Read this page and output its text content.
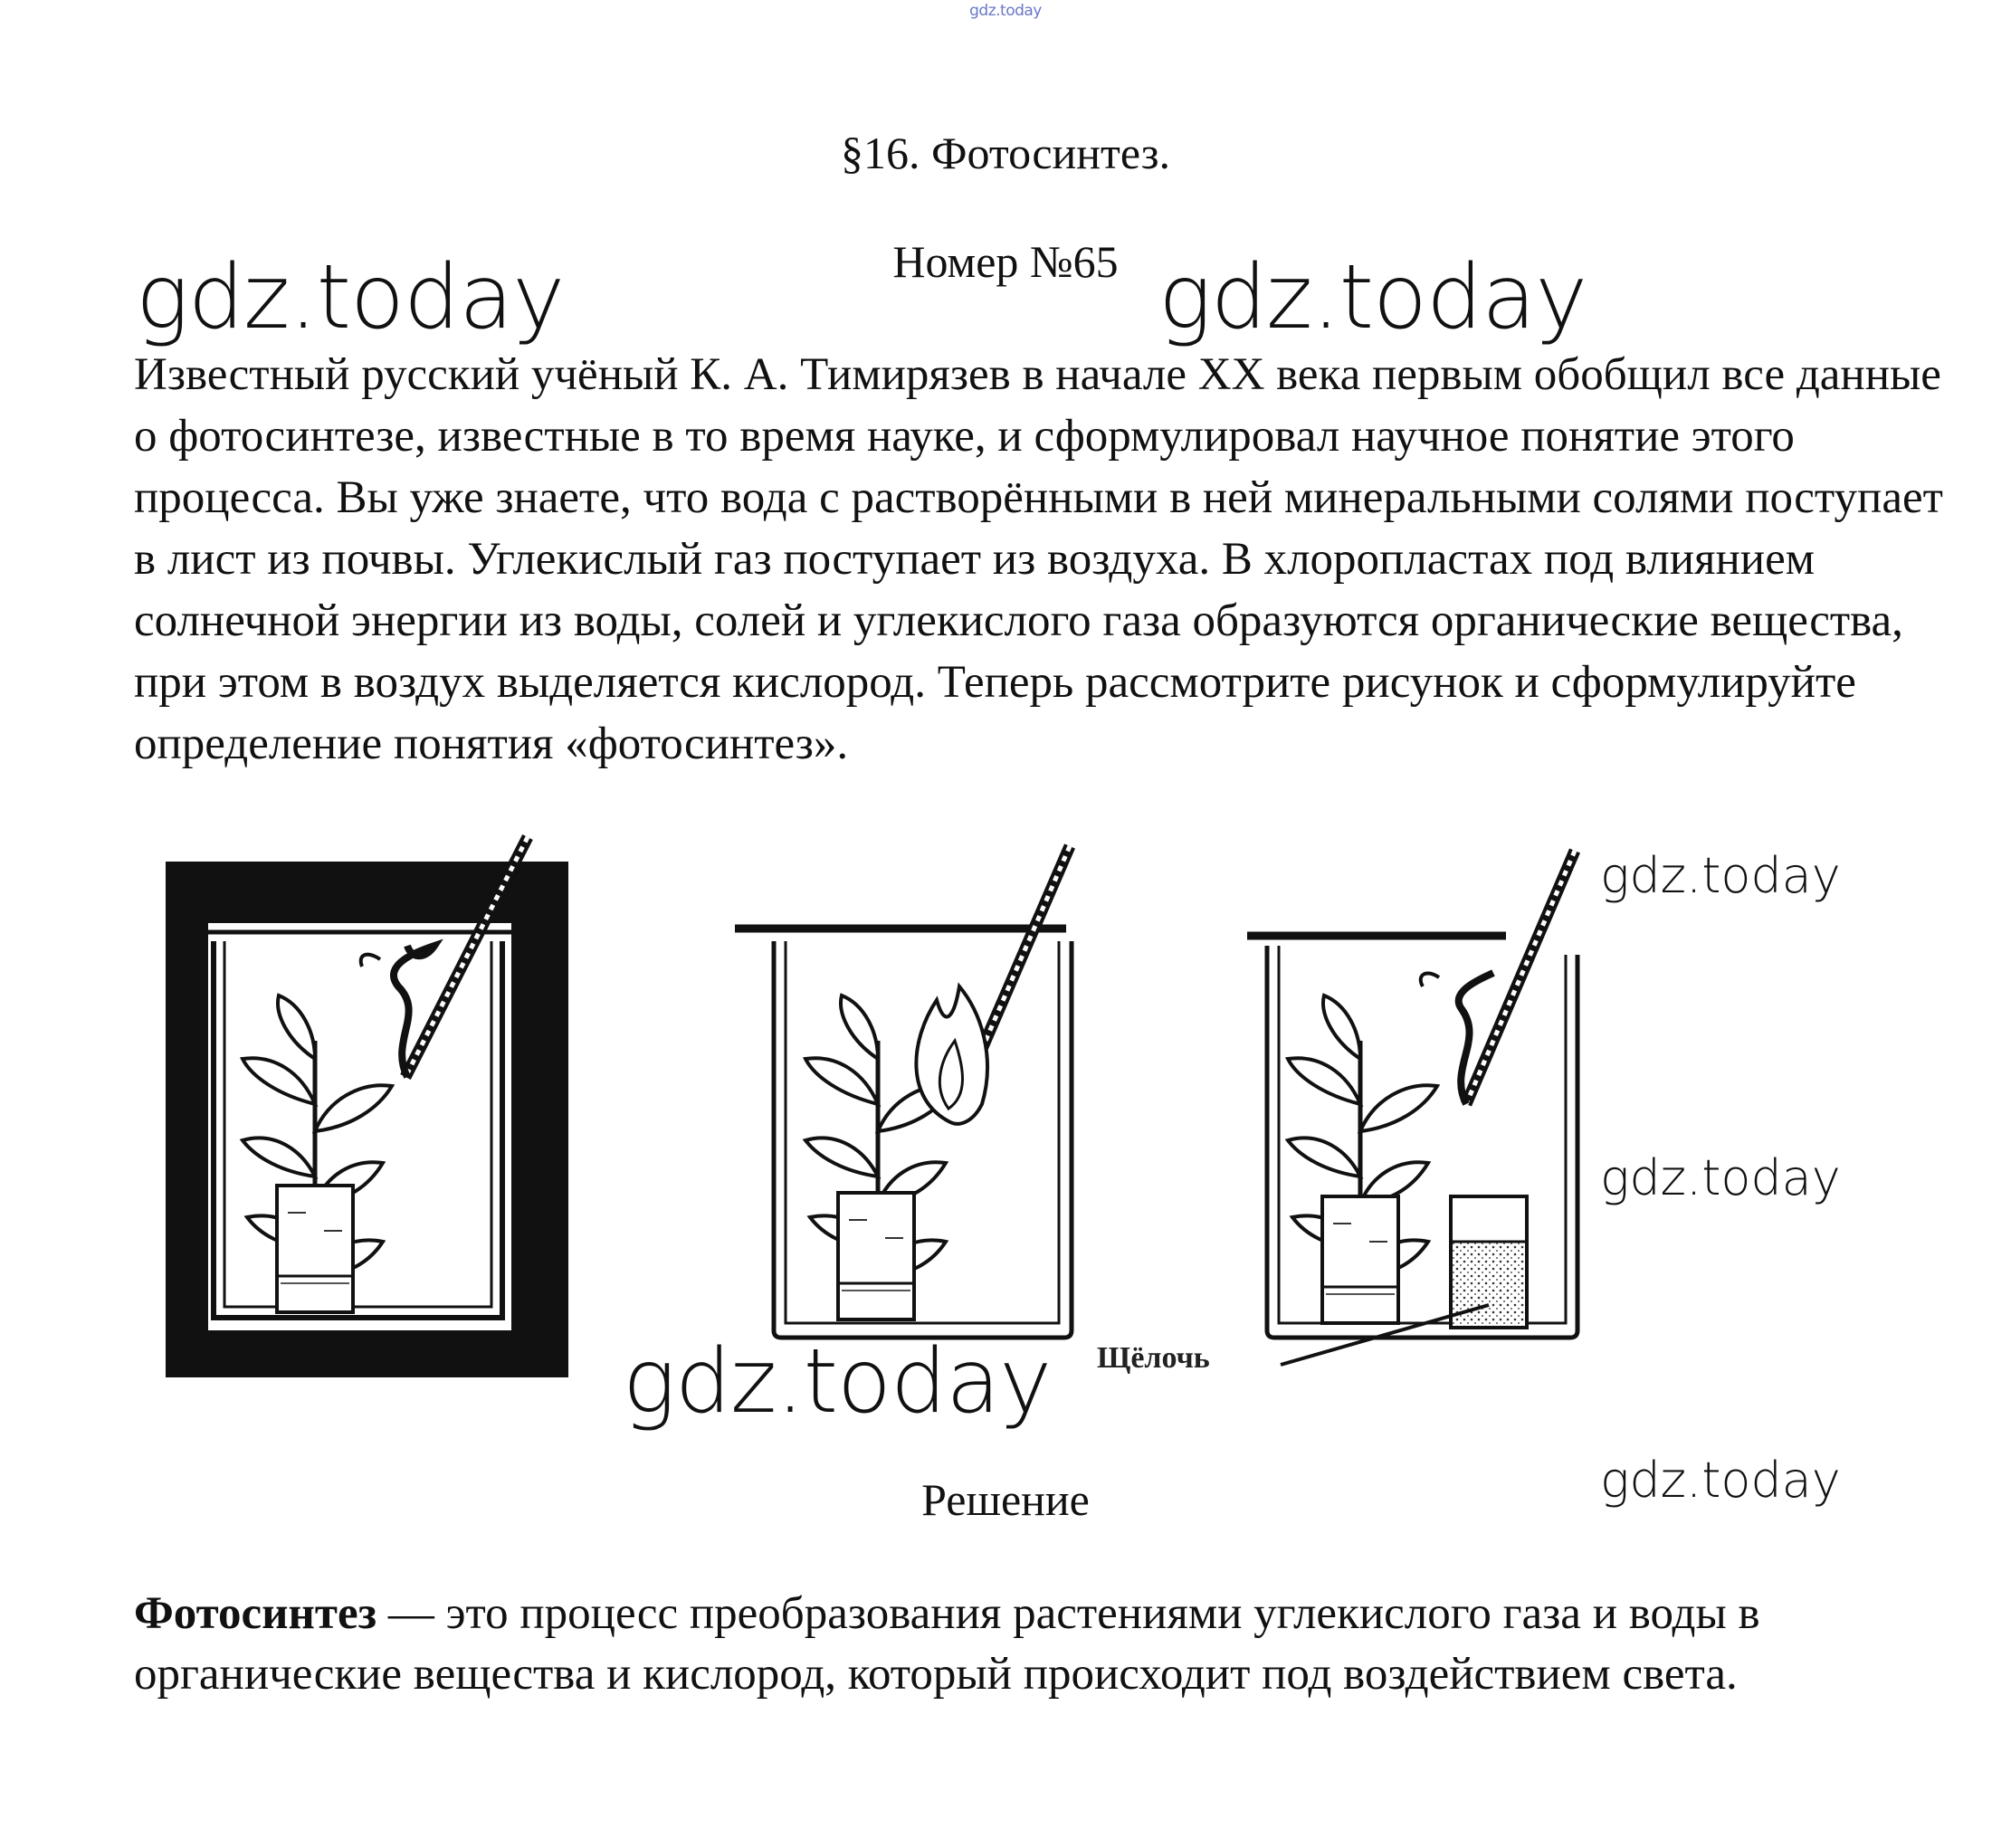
gdz.today
§16. Фотосинтез.
Номер №65
gdz.today	gdz.today

Известный русский учёный К. А. Тимирязев в начале XX века первым обобщил все данные о фотосинтезе, известные в то время науке, и сформулировал научное понятие этого процесса. Вы уже знаете, что вода с растворёнными в ней минеральными солями поступает в лист из почвы. Углекислый газ поступает из воздуха. В хлоропластах под влиянием солнечной энергии из воды, солей и углекислого газа образуются органические вещества, при этом в воздух выделяется кислород. Теперь рассмотрите рисунок и сформулируйте определение понятия «фотосинтез».

Щёлочь
gdz.today
gdz.today
gdz.today
gdz.today
Решение

Фотосинтез — это процесс преобразования растениями углекислого газа и воды в органические вещества и кислород, который происходит под воздействием света.
